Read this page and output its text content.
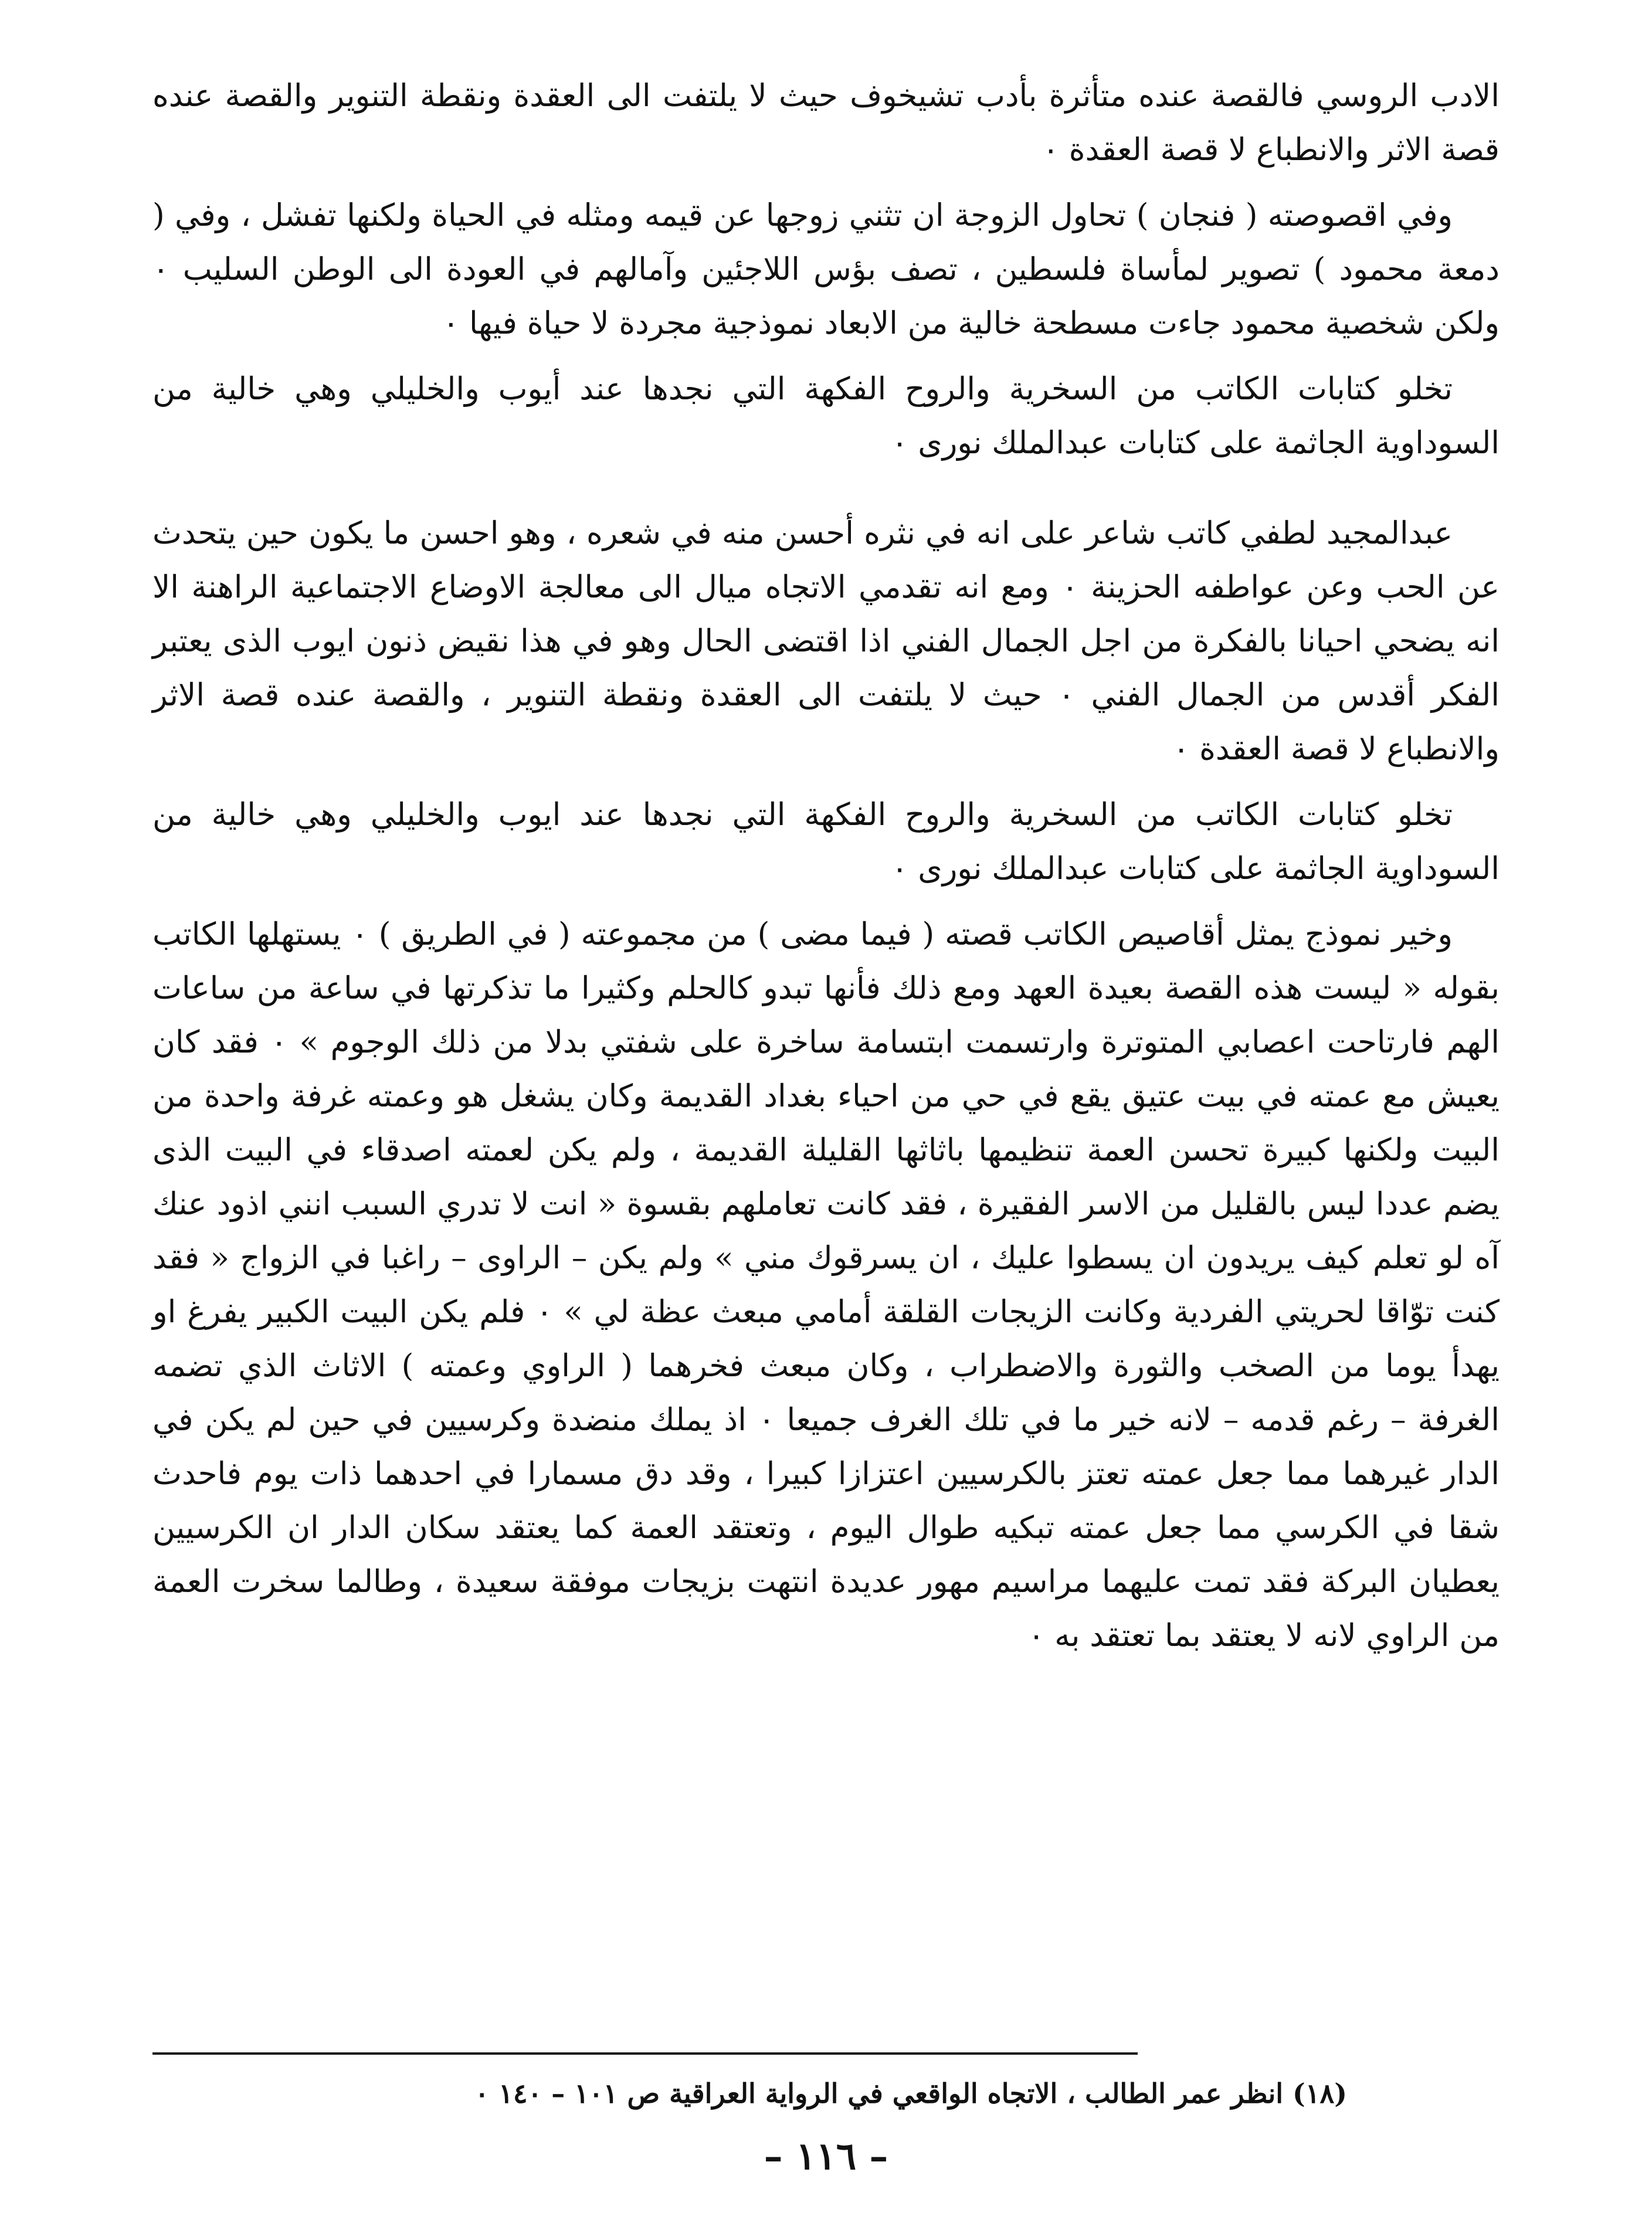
الادب الروسي فالقصة عنده متأثرة بأدب تشيخوف حيث لا يلتفت الى العقدة ونقطة التنوير والقصة عنده قصة الاثر والانطباع لا قصة العقدة ٠

وفي اقصوصته ( فنجان ) تحاول الزوجة ان تثني زوجها عن قيمه ومثله في الحياة ولكنها تفشل ، وفي ( دمعة محمود ) تصوير لمأساة فلسطين ، تصف بؤس اللاجئين وآمالهم في العودة الى الوطن السليب ٠ ولكن شخصية محمود جاءت مسطحة خالية من الابعاد نموذجية مجردة لا حياة فيها ٠

تخلو كتابات الكاتب من السخرية والروح الفكهة التي نجدها عند أيوب والخليلي وهي خالية من السوداوية الجاثمة على كتابات عبدالملك نورى ٠

عبدالمجيد لطفي كاتب شاعر على انه في نثره أحسن منه في شعره ، وهو احسن ما يكون حين يتحدث عن الحب وعن عواطفه الحزينة ٠ ومع انه تقدمي الاتجاه ميال الى معالجة الاوضاع الاجتماعية الراهنة الا انه يضحي احيانا بالفكرة من اجل الجمال الفني اذا اقتضى الحال وهو في هذا نقيض ذنون ايوب الذى يعتبر الفكر أقدس من الجمال الفني ٠ حيث لا يلتفت الى العقدة ونقطة التنوير ، والقصة عنده قصة الاثر والانطباع لا قصة العقدة ٠

تخلو كتابات الكاتب من السخرية والروح الفكهة التي نجدها عند ايوب والخليلي وهي خالية من السوداوية الجاثمة على كتابات عبدالملك نورى ٠

وخير نموذج يمثل أقاصيص الكاتب قصته ( فيما مضى ) من مجموعته ( في الطريق ) ٠ يستهلها الكاتب بقوله « ليست هذه القصة بعيدة العهد ومع ذلك فأنها تبدو كالحلم وكثيرا ما تذكرتها في ساعة من ساعات الهم فارتاحت اعصابي المتوترة وارتسمت ابتسامة ساخرة على شفتي بدلا من ذلك الوجوم » ٠ فقد كان يعيش مع عمته في بيت عتيق يقع في حي من احياء بغداد القديمة وكان يشغل هو وعمته غرفة واحدة من البيت ولكنها كبيرة تحسن العمة تنظيمها باثاثها القليلة القديمة ، ولم يكن لعمته اصدقاء في البيت الذى يضم عددا ليس بالقليل من الاسر الفقيرة ، فقد كانت تعاملهم بقسوة « انت لا تدري السبب انني اذود عنك آه لو تعلم كيف يريدون ان يسطوا عليك ، ان يسرقوك مني » ولم يكن – الراوى – راغبا في الزواج « فقد كنت توّاقا لحريتي الفردية وكانت الزيجات القلقة أمامي مبعث عظة لي » ٠ فلم يكن البيت الكبير يفرغ او يهدأ يوما من الصخب والثورة والاضطراب ، وكان مبعث فخرهما ( الراوي وعمته ) الاثاث الذي تضمه الغرفة – رغم قدمه – لانه خير ما في تلك الغرف جميعا ٠ اذ يملك منضدة وكرسيين في حين لم يكن في الدار غيرهما مما جعل عمته تعتز بالكرسيين اعتزازا كبيرا ، وقد دق مسمارا في احدهما ذات يوم فاحدث شقا في الكرسي مما جعل عمته تبكيه طوال اليوم ، وتعتقد العمة كما يعتقد سكان الدار ان الكرسيين يعطيان البركة فقد تمت عليهما مراسيم مهور عديدة انتهت بزيجات موفقة سعيدة ، وطالما سخرت العمة من الراوي لانه لا يعتقد بما تعتقد به ٠

(١٨) انظر عمر الطالب ، الاتجاه الواقعي في الرواية العراقية ص ١٠١ – ١٤٠ ٠
– ١١٦ –
